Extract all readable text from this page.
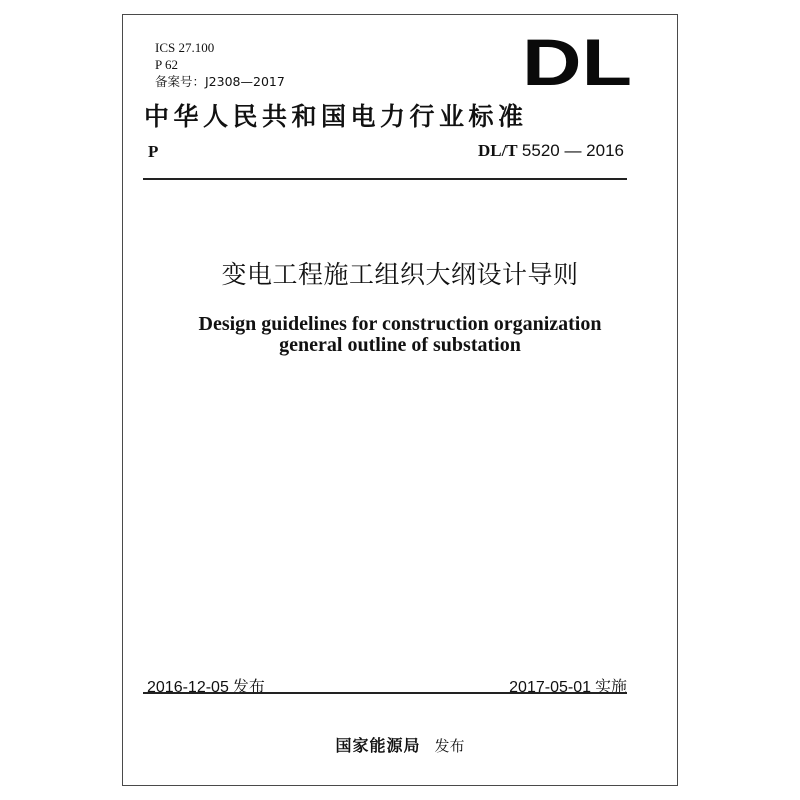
ICS 27.100
P 62
备案号：J2308—2017	DL
中华人民共和国电力行业标准
P	DL/T 5520 — 2016
变电工程施工组织大纲设计导则
Design guidelines for construction organization
general outline of substation
2016-12-05 发布	2017-05-01 实施
国家能源局 发布
